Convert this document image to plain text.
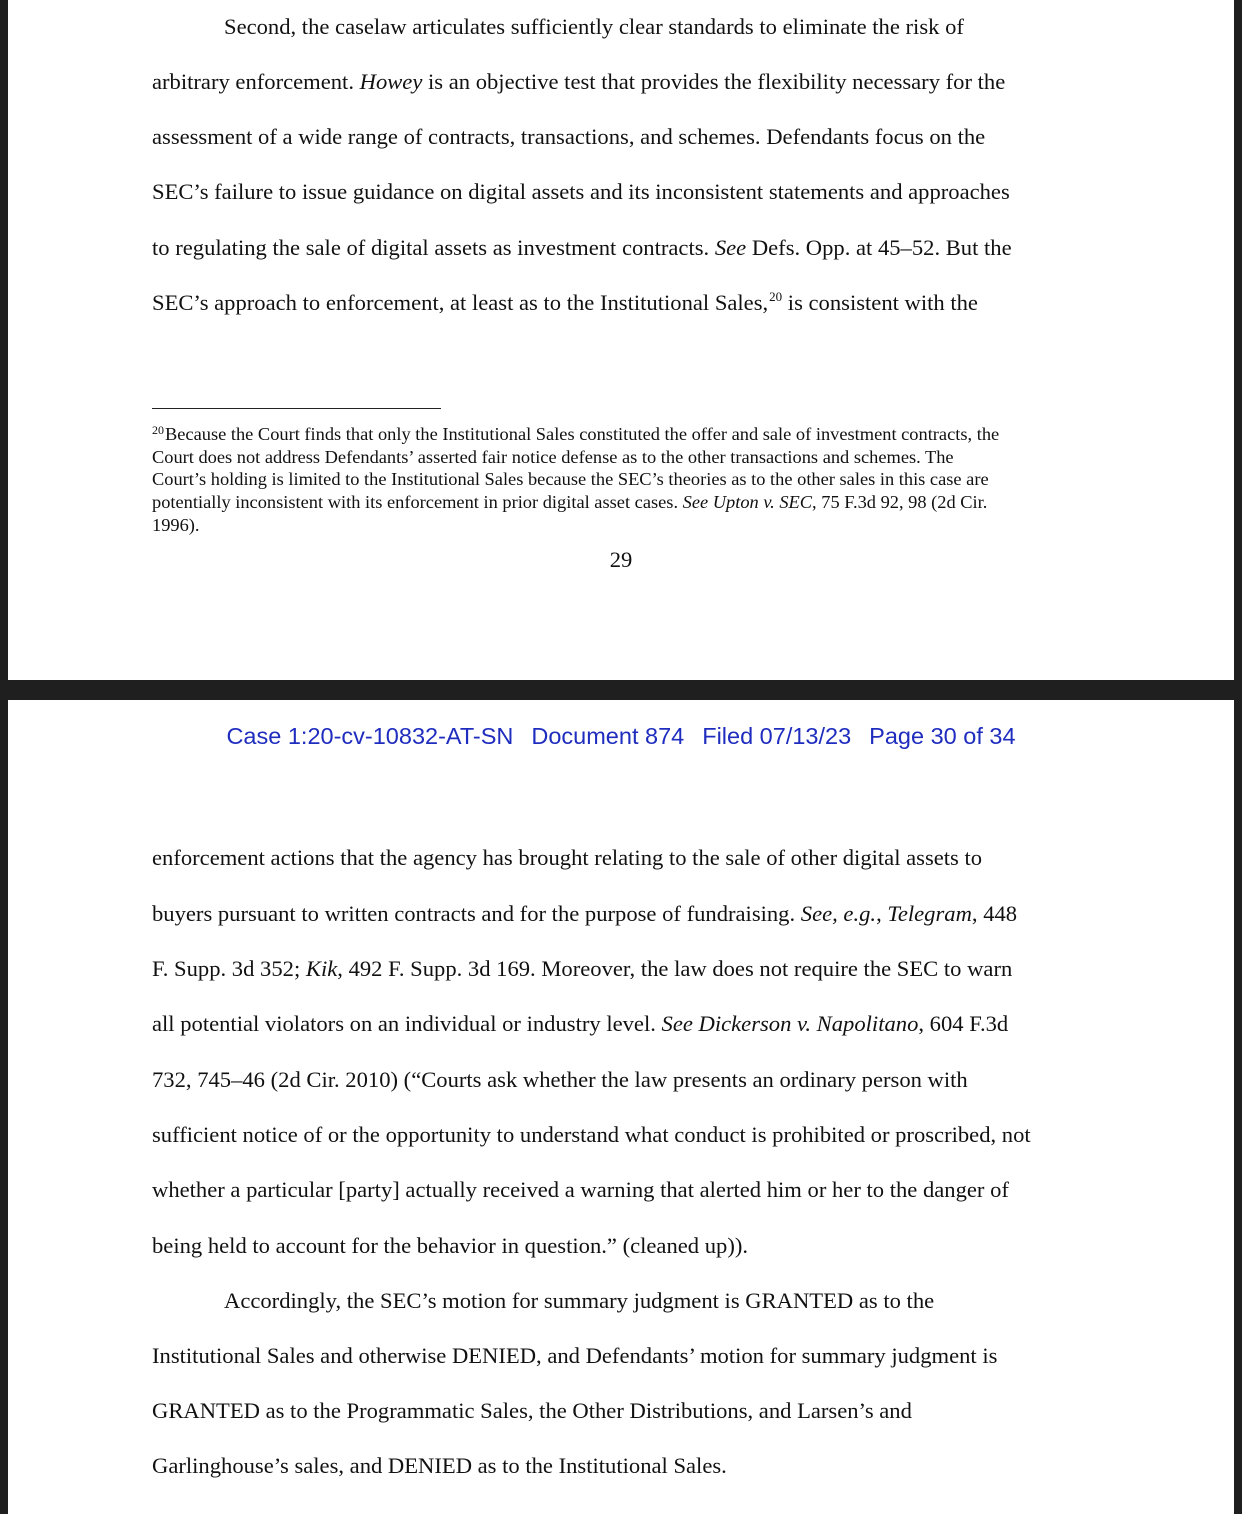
Second, the caselaw articulates sufficiently clear standards to eliminate the risk of
arbitrary enforcement. Howey is an objective test that provides the flexibility necessary for the
assessment of a wide range of contracts, transactions, and schemes. Defendants focus on the
SEC’s failure to issue guidance on digital assets and its inconsistent statements and approaches
to regulating the sale of digital assets as investment contracts. See Defs. Opp. at 45–52. But the
SEC’s approach to enforcement, at least as to the Institutional Sales,$^{20}$ is consistent with the
$^{20}$Because the Court finds that only the Institutional Sales constituted the offer and sale of investment contracts, the
Court does not address Defendants’ asserted fair notice defense as to the other transactions and schemes. The
Court’s holding is limited to the Institutional Sales because the SEC’s theories as to the other sales in this case are
potentially inconsistent with its enforcement in prior digital asset cases. See Upton v. SEC, 75 F.3d 92, 98 (2d Cir.
1996).
29
Case 1:20-cv-10832-AT-SN Document 874 Filed 07/13/23 Page 30 of 34
enforcement actions that the agency has brought relating to the sale of other digital assets to
buyers pursuant to written contracts and for the purpose of fundraising. See, e.g., Telegram, 448
F. Supp. 3d 352; Kik, 492 F. Supp. 3d 169. Moreover, the law does not require the SEC to warn
all potential violators on an individual or industry level. See Dickerson v. Napolitano, 604 F.3d
732, 745–46 (2d Cir. 2010) (“Courts ask whether the law presents an ordinary person with
sufficient notice of or the opportunity to understand what conduct is prohibited or proscribed, not
whether a particular [party] actually received a warning that alerted him or her to the danger of
being held to account for the behavior in question.” (cleaned up)).
Accordingly, the SEC’s motion for summary judgment is GRANTED as to the
Institutional Sales and otherwise DENIED, and Defendants’ motion for summary judgment is
GRANTED as to the Programmatic Sales, the Other Distributions, and Larsen’s and
Garlinghouse’s sales, and DENIED as to the Institutional Sales.
